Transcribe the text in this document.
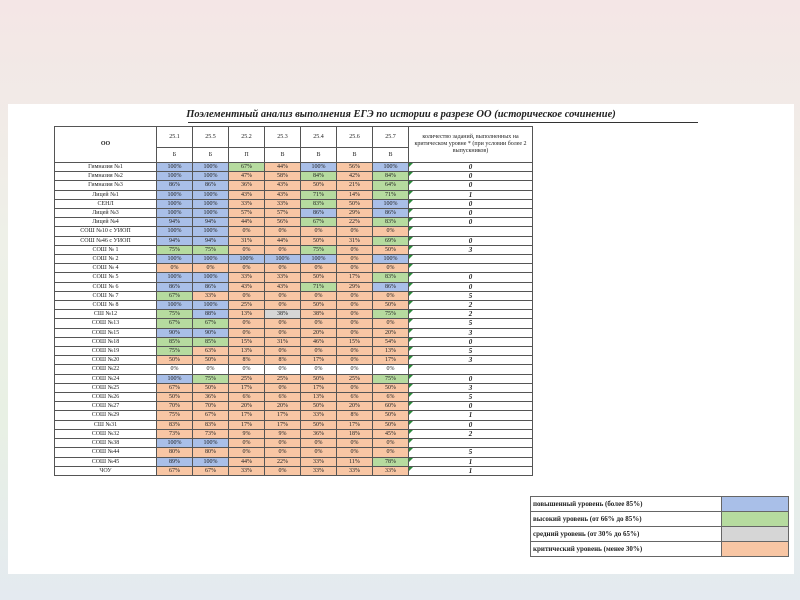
Поэлементный анализ выполнения ЕГЭ по истории в разрезе ОО (историческое сочинение)
ОО	25.1	25.5	25.2	25.3	25.4	25.6	25.7	количество заданий, выполненных на критическом уровне * (при условии более 2 выпускников)
	Б	Б	П	В	В	В	В	
Гимназия №1	100%	100%	67%	44%	100%	56%	100%	0
Гимназия №2	100%	100%	47%	58%	84%	42%	84%	0
Гимназия №3	86%	86%	36%	43%	50%	21%	64%	0
Лицей №1	100%	100%	43%	43%	71%	14%	71%	1
СЕНЛ	100%	100%	33%	33%	83%	50%	100%	0
Лицей №3	100%	100%	57%	57%	86%	29%	86%	0
Лицей №4	94%	94%	44%	56%	67%	22%	83%	0
СОШ №10 с УИОП	100%	100%	0%	0%	0%	0%	0%	

СОШ №46 с УИОП	94%	94%	31%	44%	50%	31%	69%	0
СОШ № 1	75%	75%	0%	0%	75%	0%	50%	3
СОШ № 2	100%	100%	100%	100%	100%	0%	100%	

СОШ № 4	0%	0%	0%	0%	0%	0%	0%	

СОШ № 5	100%	100%	33%	33%	50%	17%	83%	0
СОШ № 6	86%	86%	43%	43%	71%	29%	86%	0
СОШ № 7	67%	33%	0%	0%	0%	0%	0%	5
СОШ № 8	100%	100%	25%	0%	50%	0%	50%	2
СШ №12	75%	88%	13%	38%	38%	0%	75%	2
СОШ №13	67%	67%	0%	0%	0%	0%	0%	5
СОШ №15	90%	90%	0%	0%	20%	0%	20%	3
СОШ №18	85%	85%	15%	31%	46%	15%	54%	0
СОШ №19	75%	63%	13%	0%	0%	0%	13%	5
СОШ №20	50%	50%	8%	8%	17%	0%	17%	3
СОШ №22	0%	0%	0%	0%	0%	0%	0%	

СОШ №24	100%	75%	25%	25%	50%	25%	75%	0
СОШ №25	67%	50%	17%	0%	17%	0%	50%	3
СОШ №26	50%	36%	6%	6%	13%	6%	6%	5
СОШ №27	70%	70%	20%	20%	50%	20%	60%	0
СОШ №29	75%	67%	17%	17%	33%	8%	50%	1
СШ №31	83%	83%	17%	17%	50%	17%	50%	0
СОШ №32	73%	73%	9%	9%	36%	18%	45%	2
СОШ №38	100%	100%	0%	0%	0%	0%	0%	

СОШ №44	80%	80%	0%	0%	0%	0%	0%	5
СОШ №45	89%	100%	44%	22%	33%	11%	78%	1
ЧОУ	67%	67%	33%	0%	33%	33%	33%	1
повышенный уровень (более 85%)	
высокий уровень (от 66% до 85%)	
средний уровень (от 30% до 65%)	
критический уровень (менее 30%)	
